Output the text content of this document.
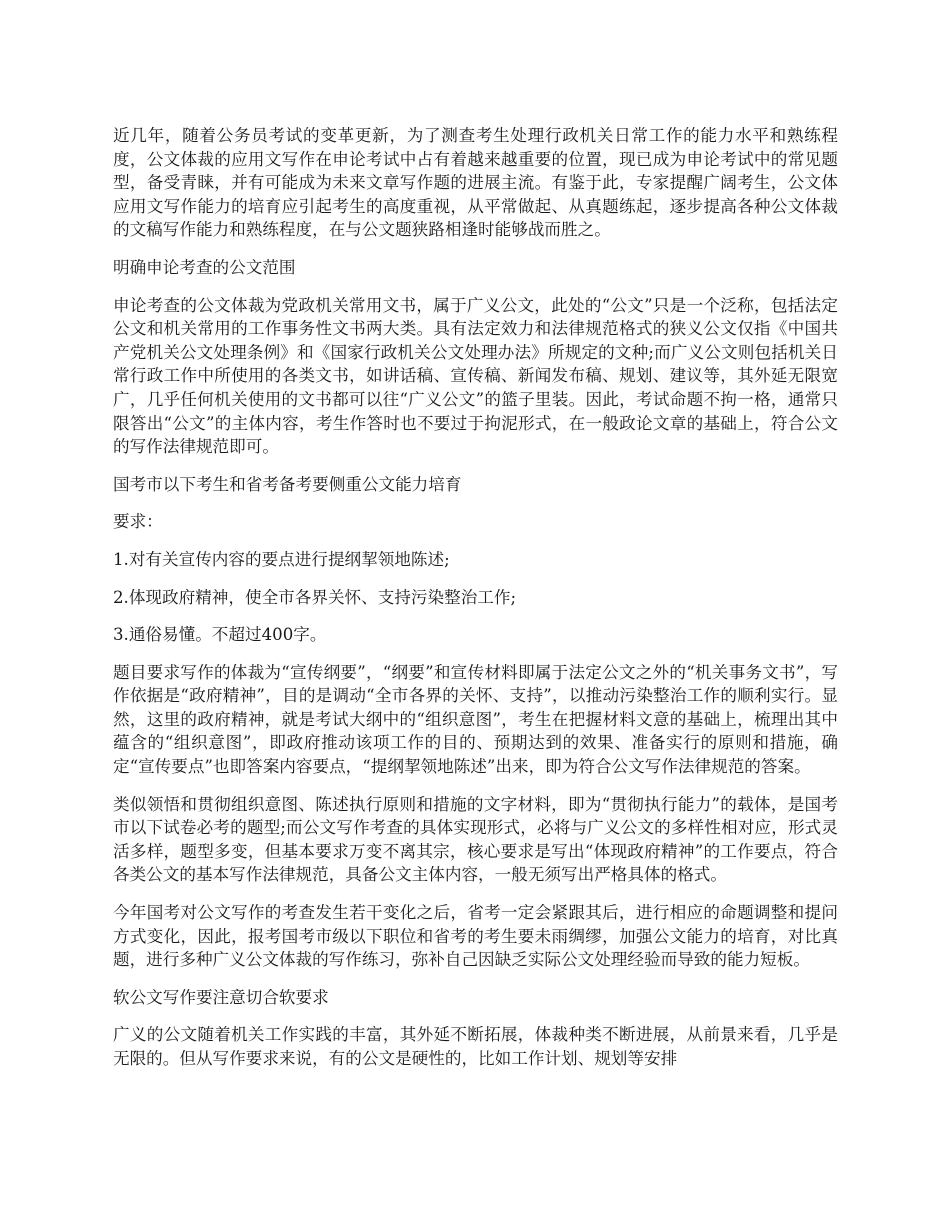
近几年，随着公务员考试的变革更新，为了测查考生处理行政机关日常工作的能力水平和熟练程度，公文体裁的应用文写作在申论考试中占有着越来越重要的位置，现已成为申论考试中的常见题型，备受青睐，并有可能成为未来文章写作题的进展主流。有鉴于此，专家提醒广阔考生，公文体应用文写作能力的培育应引起考生的高度重视，从平常做起、从真题练起，逐步提高各种公文体裁的文稿写作能力和熟练程度，在与公文题狭路相逢时能够战而胜之。

明确申论考查的公文范围

申论考查的公文体裁为党政机关常用文书，属于广义公文，此处的“公文”只是一个泛称，包括法定公文和机关常用的工作事务性文书两大类。具有法定效力和法律规范格式的狭义公文仅指《中国共产党机关公文处理条例》和《国家行政机关公文处理办法》所规定的文种;而广义公文则包括机关日常行政工作中所使用的各类文书，如讲话稿、宣传稿、新闻发布稿、规划、建议等，其外延无限宽广，几乎任何机关使用的文书都可以往“广义公文”的篮子里装。因此，考试命题不拘一格，通常只限答出“公文”的主体内容，考生作答时也不要过于拘泥形式，在一般政论文章的基础上，符合公文的写作法律规范即可。

国考市以下考生和省考备考要侧重公文能力培育

要求：

1.对有关宣传内容的要点进行提纲挈领地陈述;

2.体现政府精神，使全市各界关怀、支持污染整治工作;

3.通俗易懂。不超过400字。

题目要求写作的体裁为“宣传纲要”，“纲要”和宣传材料即属于法定公文之外的“机关事务文书”，写作依据是“政府精神”，目的是调动“全市各界的关怀、支持”，以推动污染整治工作的顺利实行。显然，这里的政府精神，就是考试大纲中的“组织意图”，考生在把握材料文意的基础上，梳理出其中蕴含的“组织意图”，即政府推动该项工作的目的、预期达到的效果、准备实行的原则和措施，确定“宣传要点”也即答案内容要点，“提纲挈领地陈述”出来，即为符合公文写作法律规范的答案。

类似领悟和贯彻组织意图、陈述执行原则和措施的文字材料，即为“贯彻执行能力”的载体，是国考市以下试卷必考的题型;而公文写作考查的具体实现形式，必将与广义公文的多样性相对应，形式灵活多样，题型多变，但基本要求万变不离其宗，核心要求是写出“体现政府精神”的工作要点，符合各类公文的基本写作法律规范，具备公文主体内容，一般无须写出严格具体的格式。

今年国考对公文写作的考查发生若干变化之后，省考一定会紧跟其后，进行相应的命题调整和提问方式变化，因此，报考国考市级以下职位和省考的考生要未雨绸缪，加强公文能力的培育，对比真题，进行多种广义公文体裁的写作练习，弥补自己因缺乏实际公文处理经验而导致的能力短板。

软公文写作要注意切合软要求

广义的公文随着机关工作实践的丰富，其外延不断拓展，体裁种类不断进展，从前景来看，几乎是无限的。但从写作要求来说，有的公文是硬性的，比如工作计划、规划等安排
